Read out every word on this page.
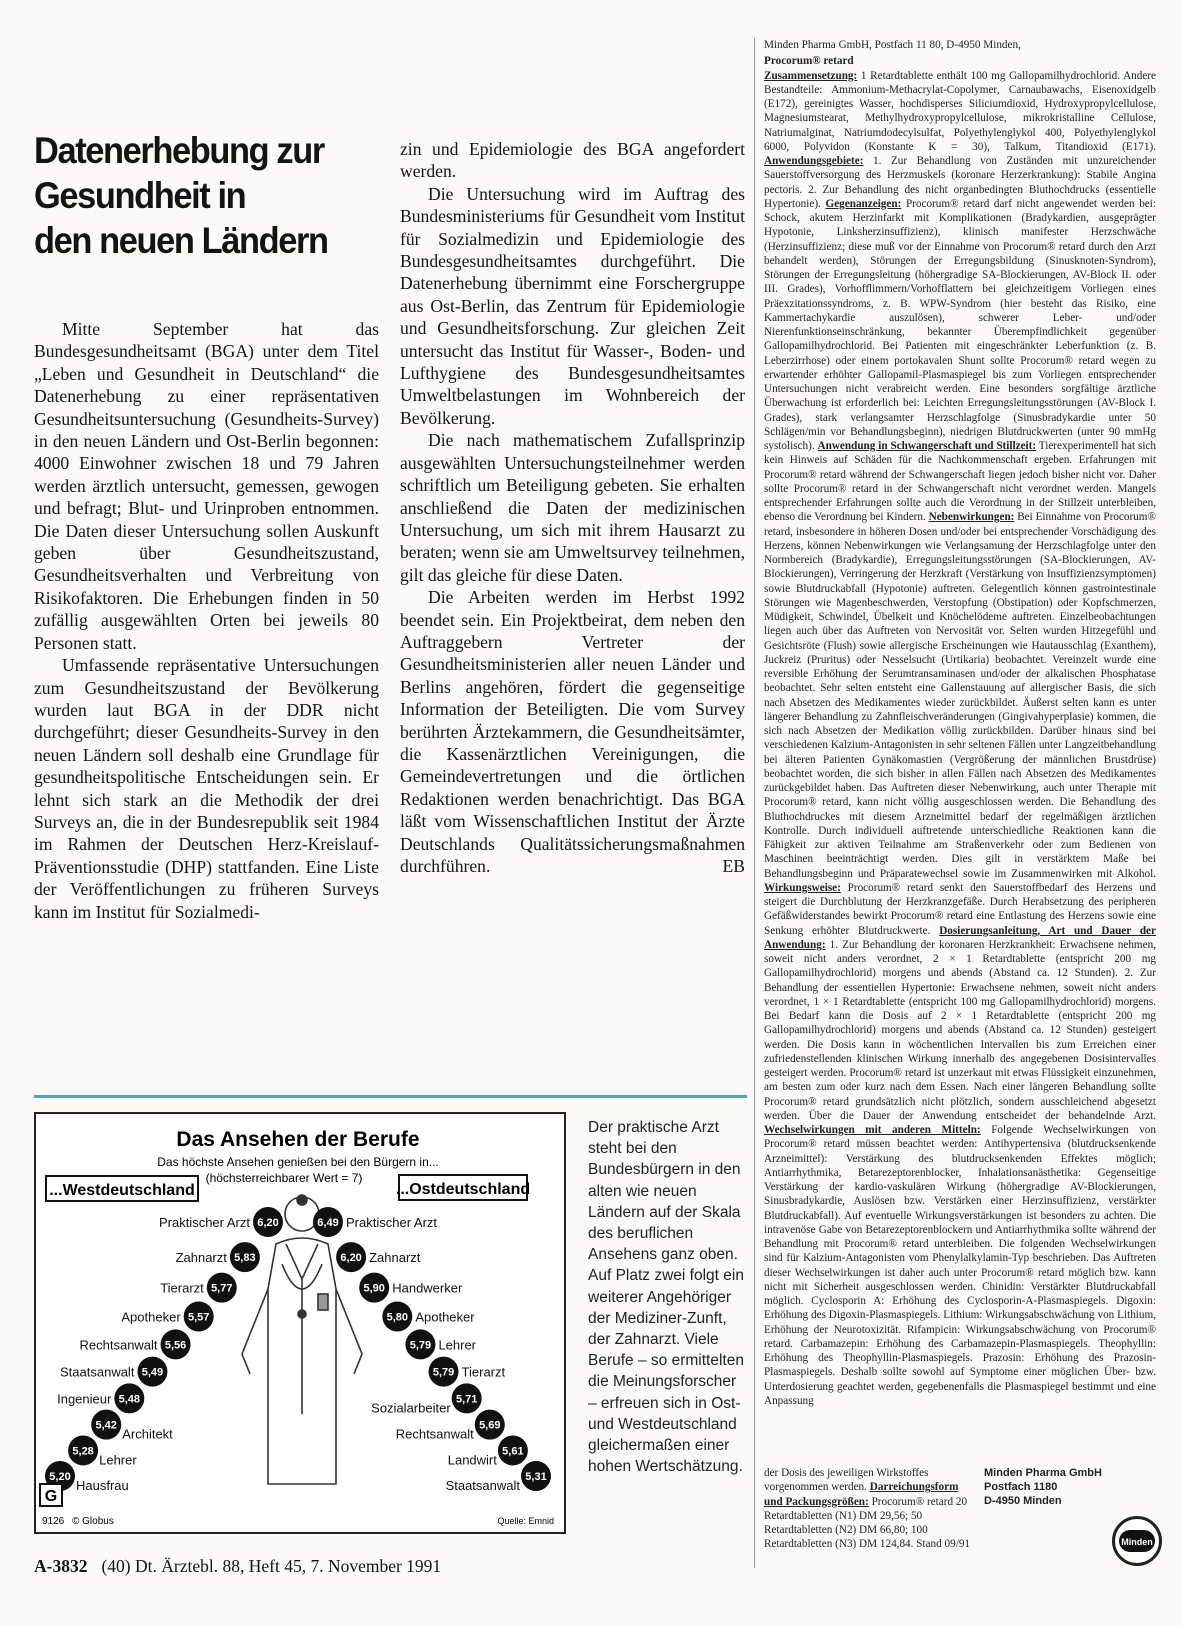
Datenerhebung zur
Gesundheit in
den neuen Ländern

Mitte September hat das Bundesgesundheitsamt (BGA) unter dem Titel „Leben und Gesundheit in Deutschland“ die Datenerhebung zu einer repräsentativen Gesundheitsuntersuchung (Gesundheits-Survey) in den neuen Ländern und Ost-Berlin begonnen: 4000 Einwohner zwischen 18 und 79 Jahren werden ärztlich untersucht, gemessen, gewogen und befragt; Blut- und Urinproben entnommen. Die Daten dieser Untersuchung sollen Auskunft geben über Gesundheitszustand, Gesundheitsverhalten und Verbreitung von Risikofaktoren. Die Erhebungen finden in 50 zufällig ausgewählten Orten bei jeweils 80 Personen statt.

Umfassende repräsentative Untersuchungen zum Gesundheitszustand der Bevölkerung wurden laut BGA in der DDR nicht durchgeführt; dieser Gesundheits-Survey in den neuen Ländern soll deshalb eine Grundlage für gesundheitspolitische Entscheidungen sein. Er lehnt sich stark an die Methodik der drei Surveys an, die in der Bundesrepublik seit 1984 im Rahmen der Deutschen Herz-Kreislauf-Präventionsstudie (DHP) stattfanden. Eine Liste der Veröffentlichungen zu früheren Surveys kann im Institut für Sozialmedi-

zin und Epidemiologie des BGA angefordert werden.

Die Untersuchung wird im Auftrag des Bundesministeriums für Gesundheit vom Institut für Sozialmedizin und Epidemiologie des Bundesgesundheitsamtes durchgeführt. Die Datenerhebung übernimmt eine Forschergruppe aus Ost-Berlin, das Zentrum für Epidemiologie und Gesundheitsforschung. Zur gleichen Zeit untersucht das Institut für Wasser-, Boden- und Lufthygiene des Bundesgesundheitsamtes Umweltbelastungen im Wohnbereich der Bevölkerung.

Die nach mathematischem Zufallsprinzip ausgewählten Untersuchungsteilnehmer werden schriftlich um Beteiligung gebeten. Sie erhalten anschließend die Daten der medizinischen Untersuchung, um sich mit ihrem Hausarzt zu beraten; wenn sie am Umweltsurvey teilnehmen, gilt das gleiche für diese Daten.

Die Arbeiten werden im Herbst 1992 beendet sein. Ein Projektbeirat, dem neben den Auftraggebern Vertreter der Gesundheitsministerien aller neuen Länder und Berlins angehören, fördert die gegenseitige Information der Beteiligten. Die vom Survey berührten Ärztekammern, die Gesundheitsämter, die Kassenärztlichen Vereinigungen, die Gemeindevertretungen und die örtlichen Redaktionen werden benachrichtigt. Das BGA läßt vom Wissenschaftlichen Institut der Ärzte Deutschlands Qualitätssicherungsmaßnahmen durchführen.	EB

Das Ansehen der Berufe
Das höchste Ansehen genießen bei den Bürgern in...
(höchsterreichbarer Wert = 7)
...Westdeutschland	...Ostdeutschland
6,20
Praktischer Arzt
5,83
Zahnarzt
5,77
Tierarzt
5,57
Apotheker
5,56
Rechtsanwalt
5,49
Staatsanwalt
5,48
Ingenieur
5,42
Architekt
5,28
Lehrer
5,20
Hausfrau
6,49 Praktischer Arzt
6,20 Zahnarzt
5,90 Handwerker
5,80 Apotheker
5,79 Lehrer
5,79 Tierarzt
5,71
Sozialarbeiter
5,69
Rechtsanwalt
5,61
Landwirt
5,31
Staatsanwalt
G
9126 © Globus	Quelle: Emnid
Der praktische Arzt steht bei den Bundesbürgern in den alten wie neuen Ländern auf der Skala des beruflichen Ansehens ganz oben. Auf Platz zwei folgt ein weiterer Angehöriger der Mediziner-Zunft, der Zahnarzt. Viele Berufe – so ermittelten die Meinungsforscher – erfreuen sich in Ost- und Westdeutschland gleichermaßen einer hohen Wertschätzung.
A-3832 (40) Dt. Ärztebl. 88, Heft 45, 7. November 1991

Minden Pharma GmbH, Postfach 11 80, D-4950 Minden,

Procorum® retard

Zusammensetzung: 1 Retardtablette enthält 100 mg Gallopamilhydrochlorid. Andere Bestandteile: Ammonium-Methacrylat-Copolymer, Carnaubawachs, Eisenoxidgelb (E172), gereinigtes Wasser, hochdisperses Siliciumdioxid, Hydroxypropylcellulose, Magnesiumstearat, Methylhydroxypropylcellulose, mikrokristalline Cellulose, Natriumalginat, Natriumdodecylsulfat, Polyethylenglykol 400, Polyethylenglykol 6000, Polyvidon (Konstante K = 30), Talkum, Titandioxid (E171). Anwendungsgebiete: 1. Zur Behandlung von Zuständen mit unzureichender Sauerstoffversorgung des Herzmuskels (koronare Herzerkrankung): Stabile Angina pectoris. 2. Zur Behandlung des nicht organbedingten Bluthochdrucks (essentielle Hypertonie). Gegenanzeigen: Procorum® retard darf nicht angewendet werden bei: Schock, akutem Herzinfarkt mit Komplikationen (Bradykardien, ausgeprägter Hypotonie, Linksherzinsuffizienz), klinisch manifester Herzschwäche (Herzinsuffizienz; diese muß vor der Einnahme von Procorum® retard durch den Arzt behandelt werden), Störungen der Erregungsbildung (Sinusknoten-Syndrom), Störungen der Erregungsleitung (höhergradige SA-Blockierungen, AV-Block II. oder III. Grades), Vorhofflimmern/Vorhofflattern bei gleichzeitigem Vorliegen eines Präexzitationssyndroms, z. B. WPW-Syndrom (hier besteht das Risiko, eine Kammertachykardie auszulösen), schwerer Leber- und/oder Nierenfunktionseinschränkung, bekannter Überempfindlichkeit gegenüber Gallopamilhydrochlorid. Bei Patienten mit eingeschränkter Leberfunktion (z. B. Leberzirrhose) oder einem portokavalen Shunt sollte Procorum® retard wegen zu erwartender erhöhter Gallopamil-Plasmaspiegel bis zum Vorliegen entsprechender Untersuchungen nicht verabreicht werden. Eine besonders sorgfältige ärztliche Überwachung ist erforderlich bei: Leichten Erregungsleitungsstörungen (AV-Block I. Grades), stark verlangsamter Herzschlagfolge (Sinusbradykardie unter 50 Schlägen/min vor Behandlungsbeginn), niedrigen Blutdruckwerten (unter 90 mmHg systolisch). Anwendung in Schwangerschaft und Stillzeit: Tierexperimentell hat sich kein Hinweis auf Schäden für die Nachkommenschaft ergeben. Erfahrungen mit Procorum® retard während der Schwangerschaft liegen jedoch bisher nicht vor. Daher sollte Procorum® retard in der Schwangerschaft nicht verordnet werden. Mangels entsprechender Erfahrungen sollte auch die Verordnung in der Stillzeit unterbleiben, ebenso die Verordnung bei Kindern. Nebenwirkungen: Bei Einnahme von Procorum® retard, insbesondere in höheren Dosen und/oder bei entsprechender Vorschädigung des Herzens, können Nebenwirkungen wie Verlangsamung der Herzschlagfolge unter den Normbereich (Bradykardie), Erregungsleitungsstörungen (SA-Blockierungen, AV-Blockierungen), Verringerung der Herzkraft (Verstärkung von Insuffizienzsymptomen) sowie Blutdruckabfall (Hypotonie) auftreten. Gelegentlich können gastrointestinale Störungen wie Magenbeschwerden, Verstopfung (Obstipation) oder Kopfschmerzen, Müdigkeit, Schwindel, Übelkeit und Knöchelödeme auftreten. Einzelbeobachtungen liegen auch über das Auftreten von Nervosität vor. Selten wurden Hitzegefühl und Gesichtsröte (Flush) sowie allergische Erscheinungen wie Hautausschlag (Exanthem), Juckreiz (Pruritus) oder Nesselsucht (Urtikaria) beobachtet. Vereinzelt wurde eine reversible Erhöhung der Serumtransaminasen und/oder der alkalischen Phosphatase beobachtet. Sehr selten entsteht eine Gallenstauung auf allergischer Basis, die sich nach Absetzen des Medikamentes wieder zurückbildet. Äußerst selten kann es unter längerer Behandlung zu Zahnfleischveränderungen (Gingivahyperplasie) kommen, die sich nach Absetzen der Medikation völlig zurückbilden. Darüber hinaus sind bei verschiedenen Kalzium-Antagonisten in sehr seltenen Fällen unter Langzeitbehandlung bei älteren Patienten Gynäkomastien (Vergrößerung der männlichen Brustdrüse) beobachtet worden, die sich bisher in allen Fällen nach Absetzen des Medikamentes zurückgebildet haben. Das Auftreten dieser Nebenwirkung, auch unter Therapie mit Procorum® retard, kann nicht völlig ausgeschlossen werden. Die Behandlung des Bluthochdruckes mit diesem Arzneimittel bedarf der regelmäßigen ärztlichen Kontrolle. Durch individuell auftretende unterschiedliche Reaktionen kann die Fähigkeit zur aktiven Teilnahme am Straßenverkehr oder zum Bedienen von Maschinen beeinträchtigt werden. Dies gilt in verstärktem Maße bei Behandlungsbeginn und Präparatewechsel sowie im Zusammenwirken mit Alkohol. Wirkungsweise: Procorum® retard senkt den Sauerstoffbedarf des Herzens und steigert die Durchblutung der Herzkranzgefäße. Durch Herabsetzung des peripheren Gefäßwiderstandes bewirkt Procorum® retard eine Entlastung des Herzens sowie eine Senkung erhöhter Blutdruckwerte. Dosierungsanleitung, Art und Dauer der Anwendung: 1. Zur Behandlung der koronaren Herzkrankheit: Erwachsene nehmen, soweit nicht anders verordnet, 2 × 1 Retardtablette (entspricht 200 mg Gallopamilhydrochlorid) morgens und abends (Abstand ca. 12 Stunden). 2. Zur Behandlung der essentiellen Hypertonie: Erwachsene nehmen, soweit nicht anders verordnet, 1 × 1 Retardtablette (entspricht 100 mg Gallopamilhydrochlorid) morgens. Bei Bedarf kann die Dosis auf 2 × 1 Retardtablette (entspricht 200 mg Gallopamilhydrochlorid) morgens und abends (Abstand ca. 12 Stunden) gesteigert werden. Die Dosis kann in wöchentlichen Intervallen bis zum Erreichen einer zufriedenstellenden klinischen Wirkung innerhalb des angegebenen Dosisintervalles gesteigert werden. Procorum® retard ist unzerkaut mit etwas Flüssigkeit einzunehmen, am besten zum oder kurz nach dem Essen. Nach einer längeren Behandlung sollte Procorum® retard grundsätzlich nicht plötzlich, sondern ausschleichend abgesetzt werden. Über die Dauer der Anwendung entscheidet der behandelnde Arzt. Wechselwirkungen mit anderen Mitteln: Folgende Wechselwirkungen von Procorum® retard müssen beachtet werden: Antihypertensiva (blutdrucksenkende Arzneimittel): Verstärkung des blutdrucksenkenden Effektes möglich; Antiarrhythmika, Betarezeptorenblocker, Inhalationsanästhetika: Gegenseitige Verstärkung der kardio-vaskulären Wirkung (höhergradige AV-Blockierungen, Sinusbradykardie, Auslösen bzw. Verstärken einer Herzinsuffizienz, verstärkter Blutdruckabfall). Auf eventuelle Wirkungsverstärkungen ist besonders zu achten. Die intravenöse Gabe von Betarezeptorenblockern und Antiarrhythmika sollte während der Behandlung mit Procorum® retard unterbleiben. Die folgenden Wechselwirkungen sind für Kalzium-Antagonisten vom Phenylalkylamin-Typ beschrieben. Das Auftreten dieser Wechselwirkungen ist daher auch unter Procorum® retard möglich bzw. kann nicht mit Sicherheit ausgeschlossen werden. Chinidin: Verstärkter Blutdruckabfall möglich. Cyclosporin A: Erhöhung des Cyclosporin-A-Plasmaspiegels. Digoxin: Erhöhung des Digoxin-Plasmaspiegels. Lithium: Wirkungsabschwächung von Lithium, Erhöhung der Neurotoxizität. Rifampicin: Wirkungsabschwächung von Procorum® retard. Carbamazepin: Erhöhung des Carbamazepin-Plasmaspiegels. Theophyllin: Erhöhung des Theophyllin-Plasmaspiegels. Prazosin: Erhöhung des Prazosin-Plasmaspiegels. Deshalb sollte sowohl auf Symptome einer möglichen Über- bzw. Unterdosierung geachtet werden, gegebenenfalls die Plasmaspiegel bestimmt und eine Anpassung

der Dosis des jeweiligen Wirkstoffes vorgenommen werden. Darreichungsform und Packungsgrößen: Procorum® retard 20 Retardtabletten (N1) DM 29,56; 50 Retardtabletten (N2) DM 66,80; 100 Retardtabletten (N3) DM 124,84. Stand 09/91
Minden Pharma GmbH
Postfach 1180
D-4950 Minden
Minden
